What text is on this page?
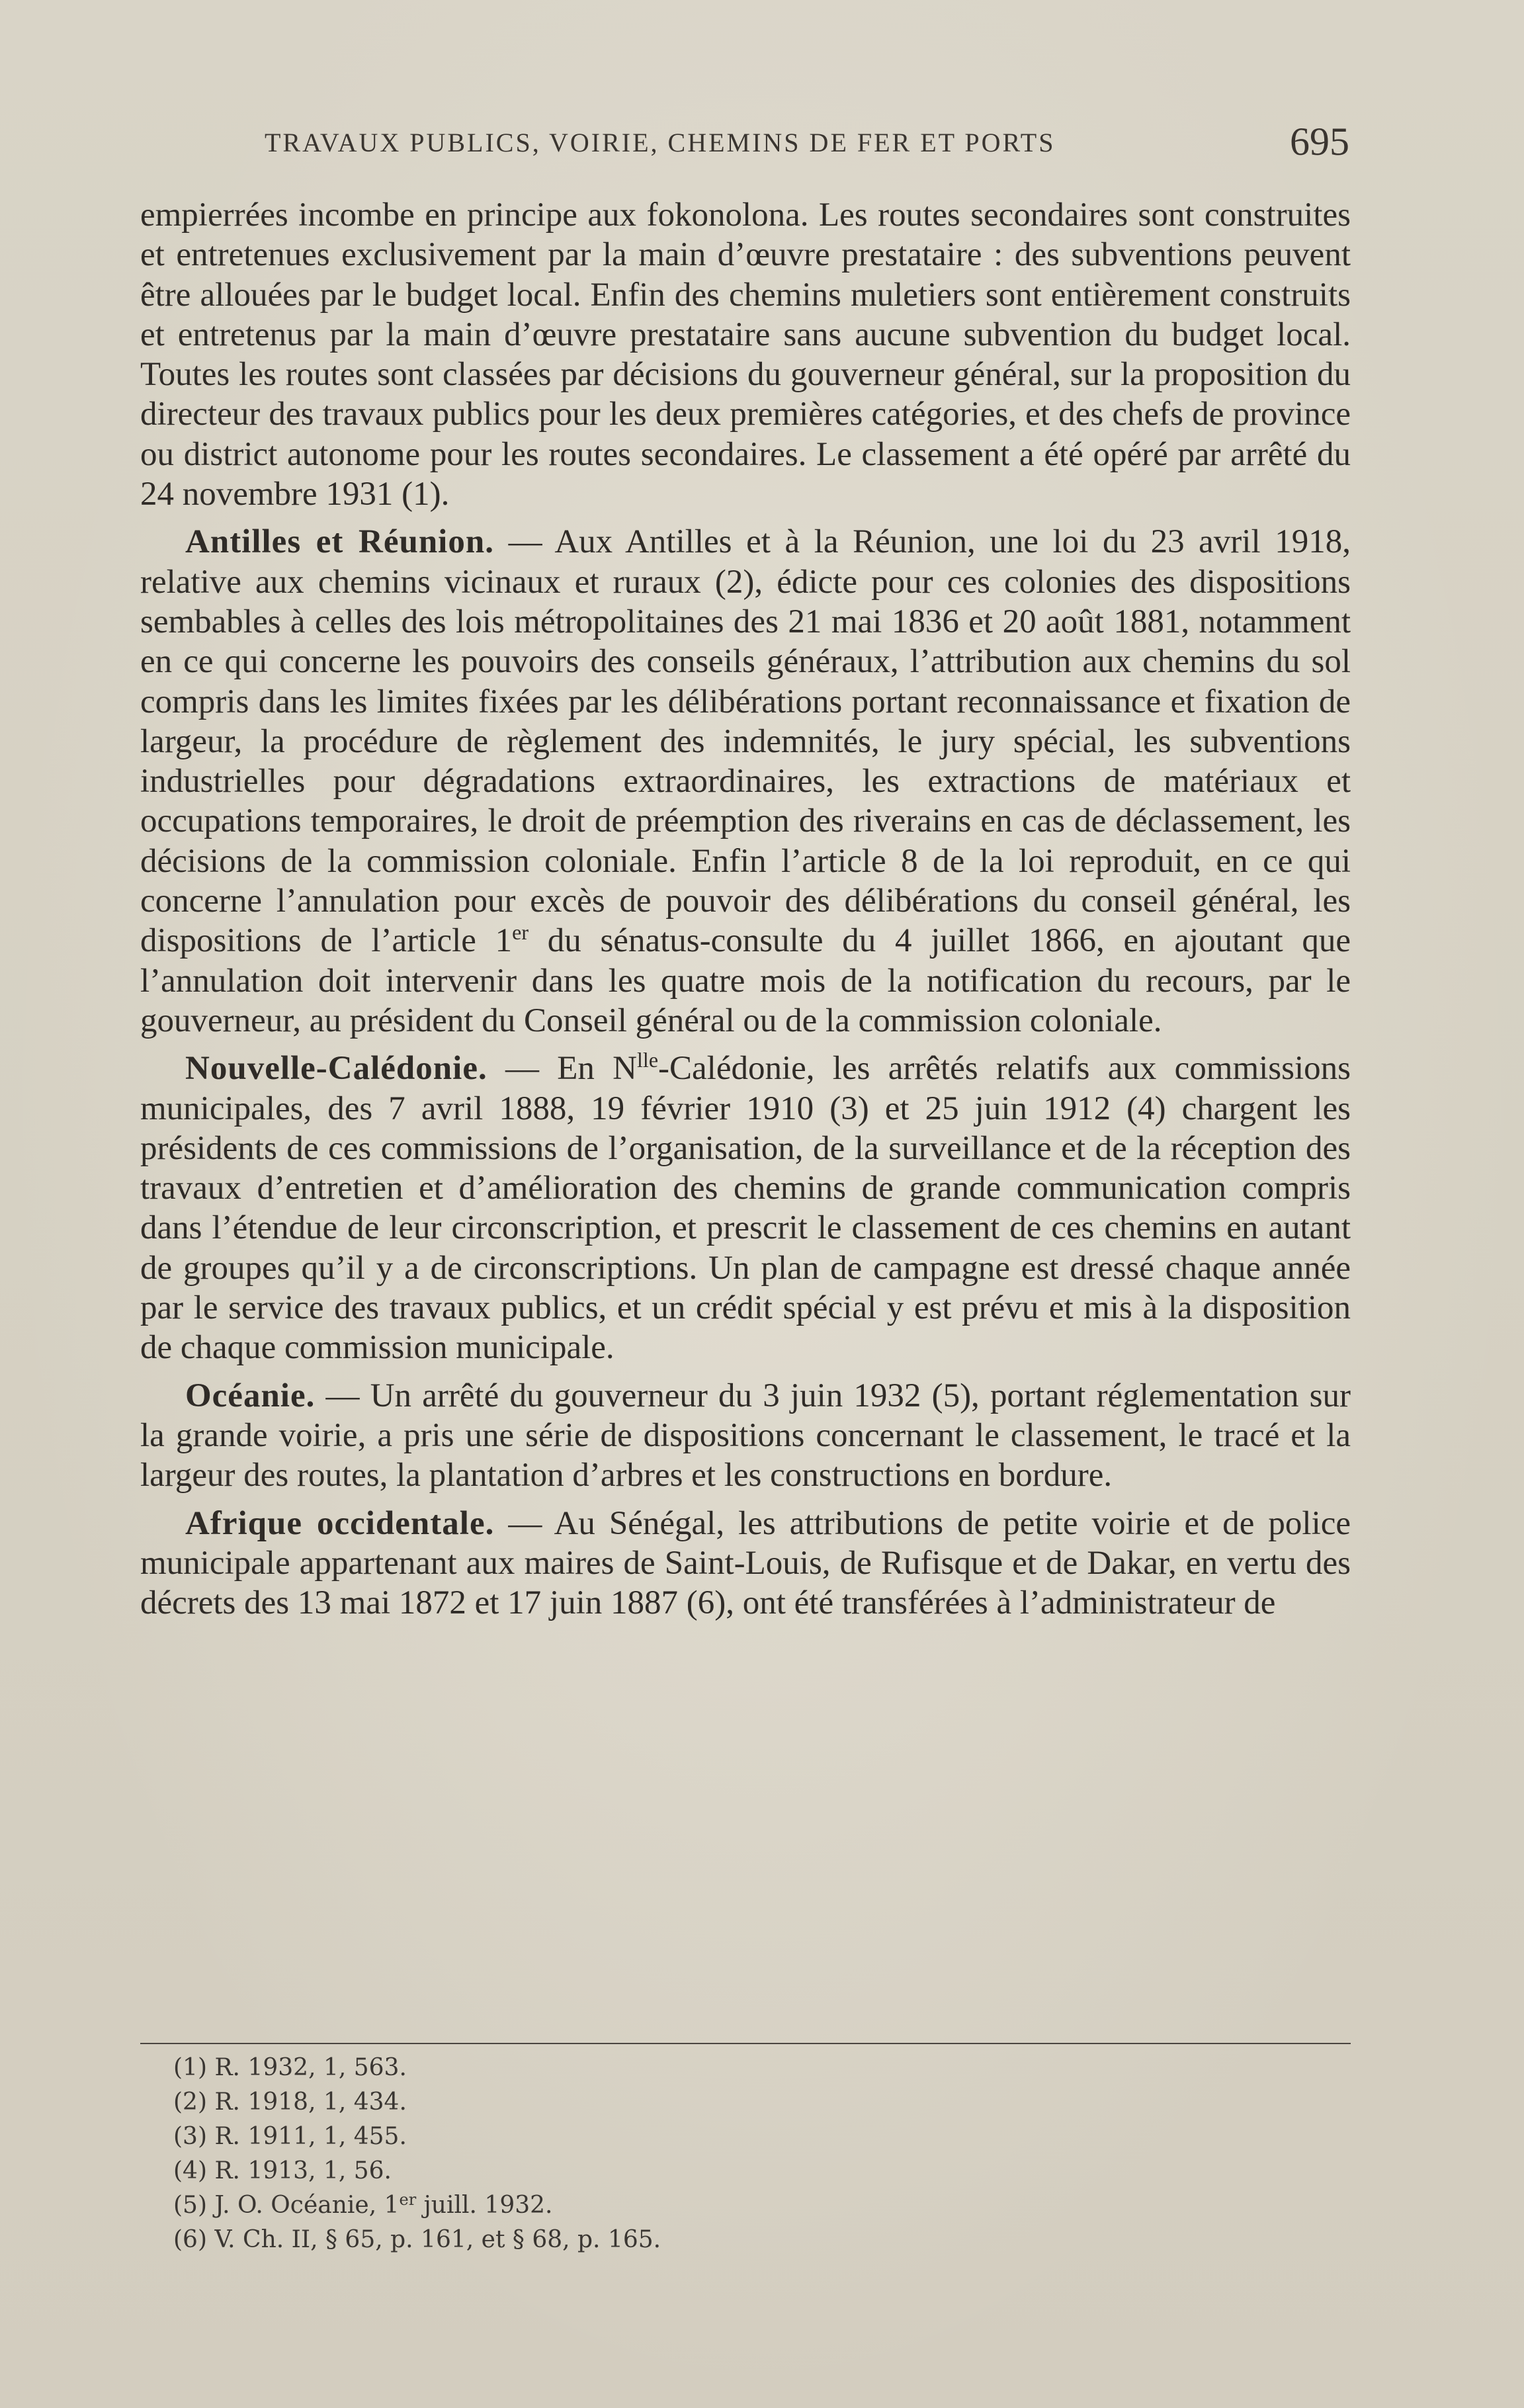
TRAVAUX PUBLICS, VOIRIE, CHEMINS DE FER ET PORTS	695

empierrées incombe en principe aux fokonolona. Les routes secondaires sont construites et entretenues exclusivement par la main d’œuvre prestataire : des subventions peuvent être allouées par le budget local. Enfin des chemins muletiers sont entièrement construits et entretenus par la main d’œuvre prestataire sans aucune subvention du budget local. Toutes les routes sont classées par décisions du gouverneur général, sur la proposition du directeur des travaux publics pour les deux premières catégories, et des chefs de province ou district autonome pour les routes secondaires. Le classement a été opéré par arrêté du 24 novembre 1931 (1).

Antilles et Réunion. — Aux Antilles et à la Réunion, une loi du 23 avril 1918, relative aux chemins vicinaux et ruraux (2), édicte pour ces colonies des dispositions sembables à celles des lois métropolitaines des 21 mai 1836 et 20 août 1881, notamment en ce qui concerne les pouvoirs des conseils généraux, l’attribution aux chemins du sol compris dans les limites fixées par les délibérations portant reconnaissance et fixation de largeur, la procédure de règlement des indemnités, le jury spécial, les subventions industrielles pour dégradations extraordinaires, les extractions de matériaux et occupations temporaires, le droit de préemption des riverains en cas de déclassement, les décisions de la commission coloniale. Enfin l’article 8 de la loi reproduit, en ce qui concerne l’annulation pour excès de pouvoir des délibérations du conseil général, les dispositions de l’article 1er du sénatus-consulte du 4 juillet 1866, en ajoutant que l’annulation doit intervenir dans les quatre mois de la notification du recours, par le gouverneur, au président du Conseil général ou de la commission coloniale.

Nouvelle-Calédonie. — En $N^{lle}$-Calédonie, les arrêtés relatifs aux commissions municipales, des 7 avril 1888, 19 février 1910 (3) et 25 juin 1912 (4) chargent les présidents de ces commissions de l’organisation, de la surveillance et de la réception des travaux d’entretien et d’amélioration des chemins de grande communication compris dans l’étendue de leur circonscription, et prescrit le classement de ces chemins en autant de groupes qu’il y a de circonscriptions. Un plan de campagne est dressé chaque année par le service des travaux publics, et un crédit spécial y est prévu et mis à la disposition de chaque commission municipale.

Océanie. — Un arrêté du gouverneur du 3 juin 1932 (5), portant réglementation sur la grande voirie, a pris une série de dispositions concernant le classement, le tracé et la largeur des routes, la plantation d’arbres et les constructions en bordure.

Afrique occidentale. — Au Sénégal, les attributions de petite voirie et de police municipale appartenant aux maires de Saint-Louis, de Rufisque et de Dakar, en vertu des décrets des 13 mai 1872 et 17 juin 1887 (6), ont été transférées à l’administrateur de

(1) R. 1932, 1, 563.
(2) R. 1918, 1, 434.
(3) R. 1911, 1, 455.
(4) R. 1913, 1, 56.
(5) J. O. Océanie, 1er juill. 1932.
(6) V. Ch. II, § 65, p. 161, et § 68, p. 165.
